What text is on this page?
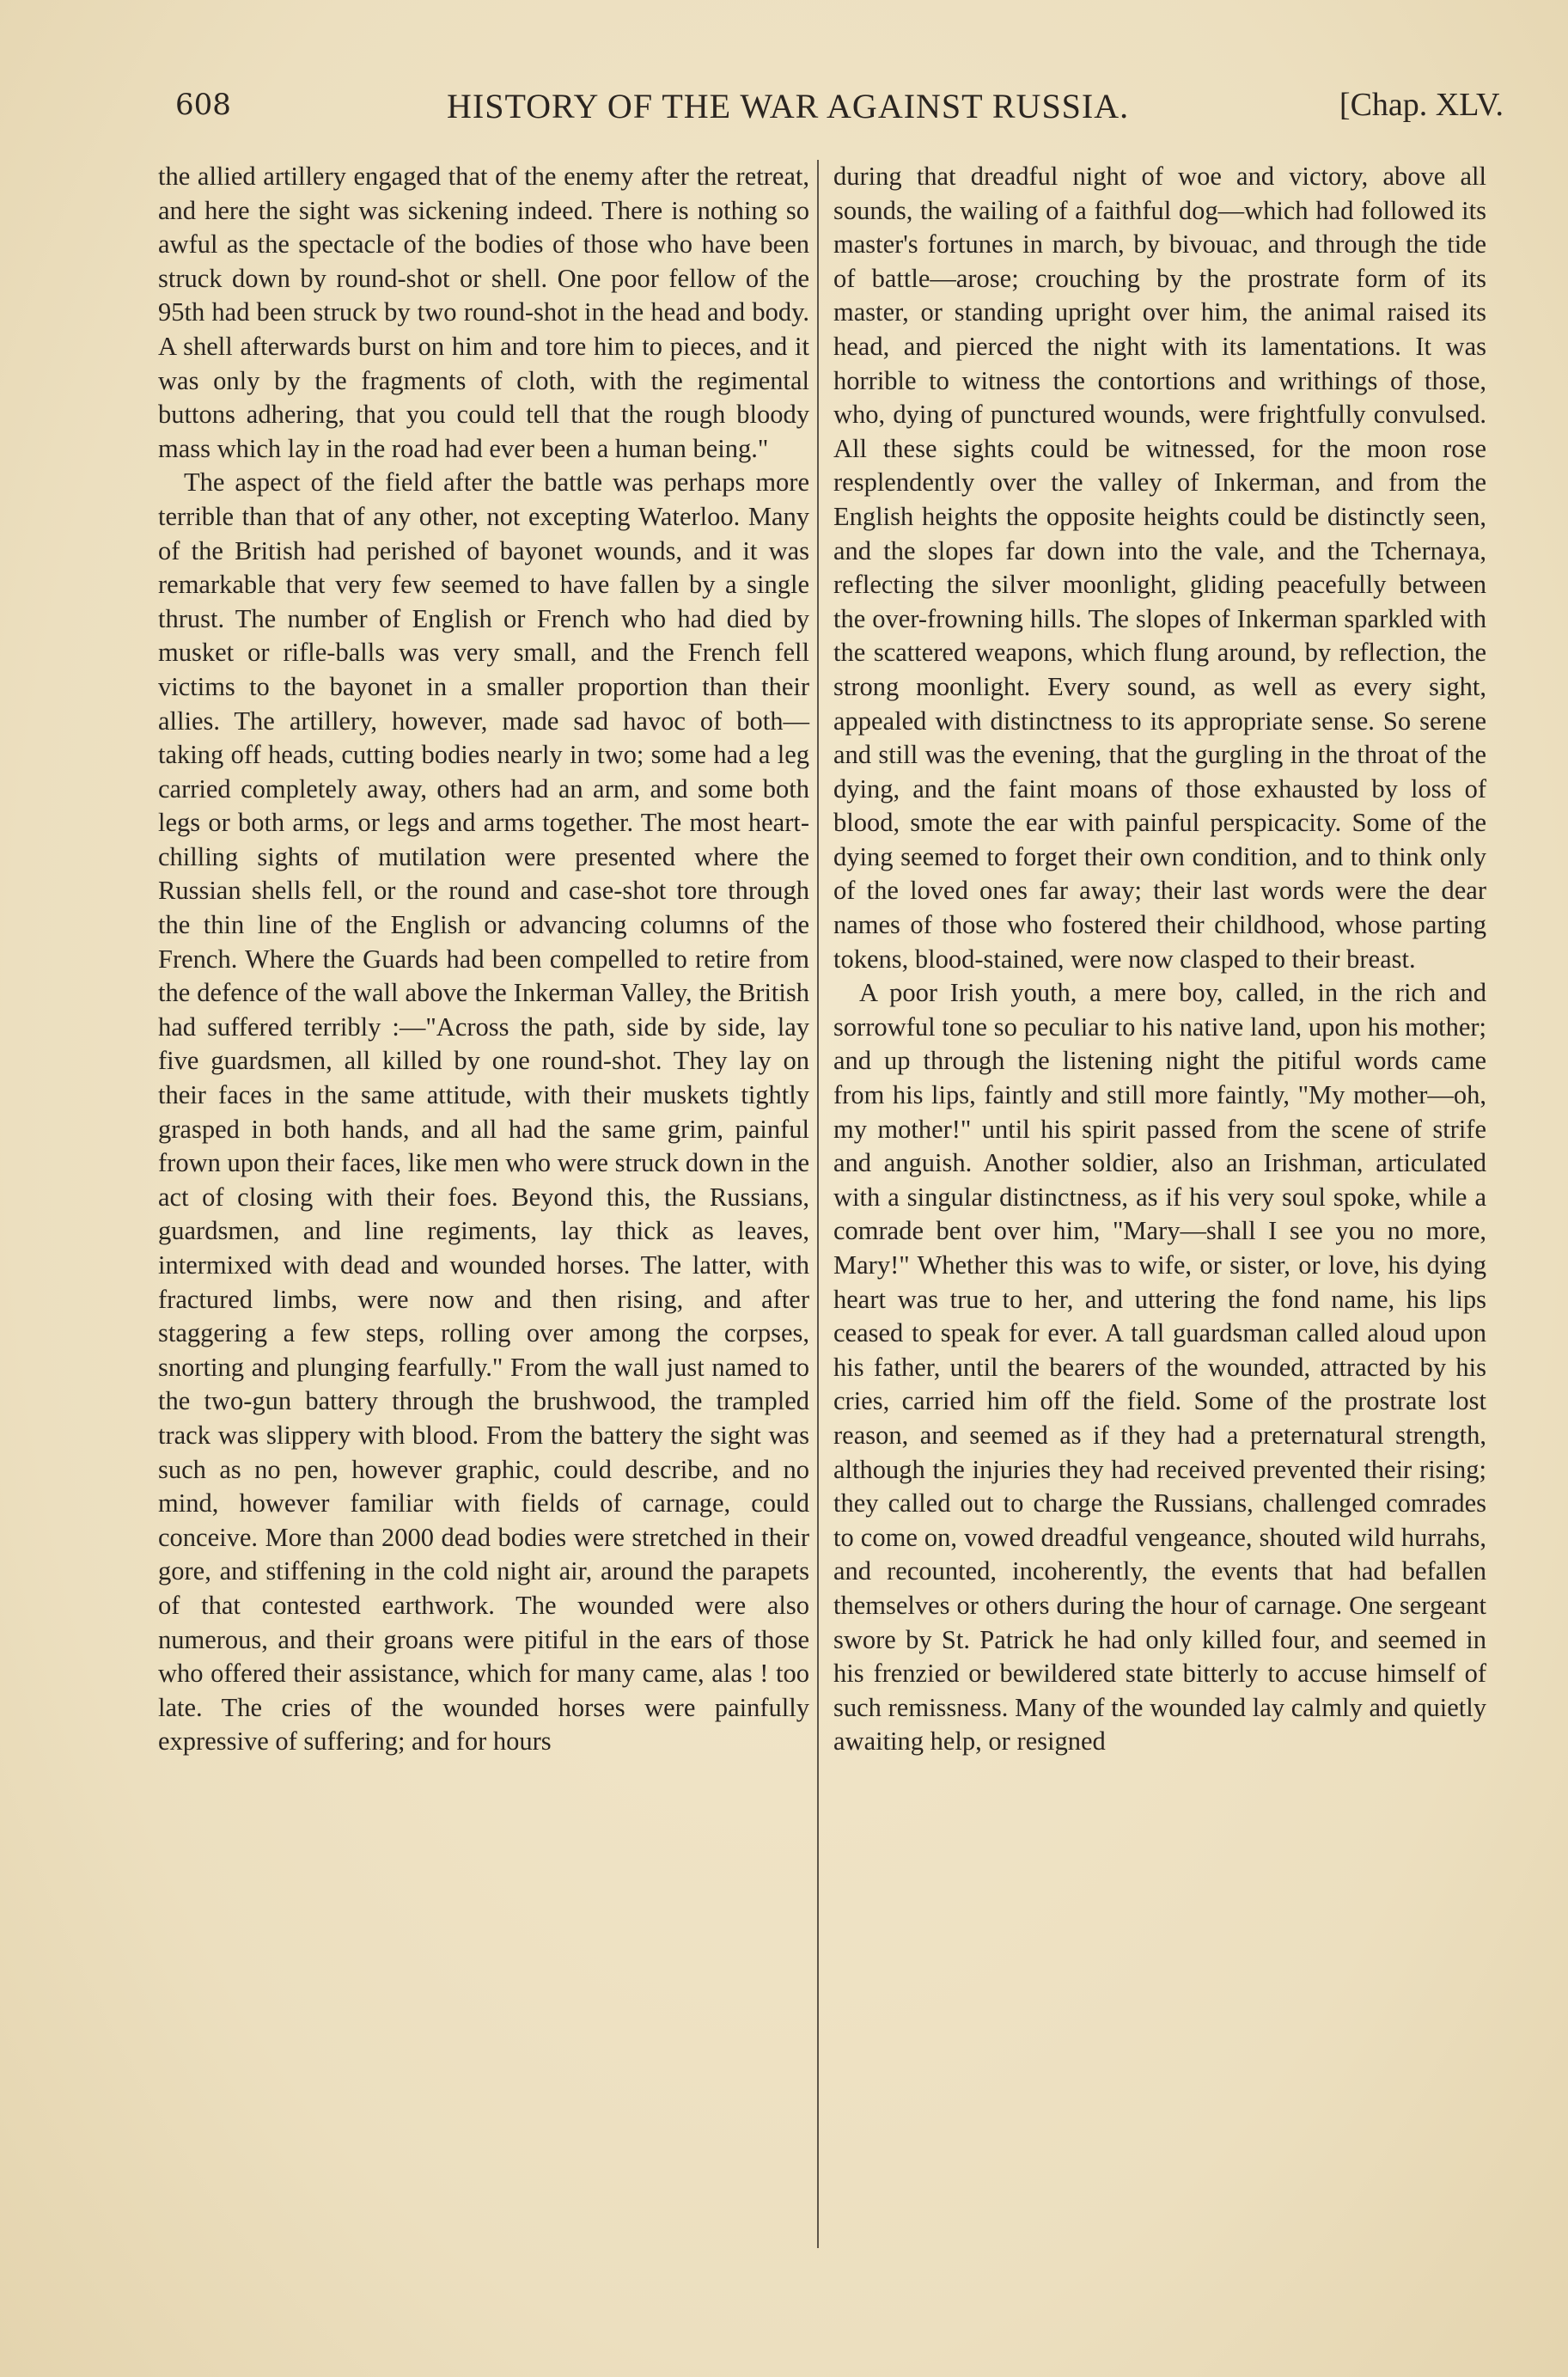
608	HISTORY OF THE WAR AGAINST RUSSIA.	[Chap. XLV.

the allied artillery engaged that of the enemy after the retreat, and here the sight was sickening indeed. There is nothing so awful as the spectacle of the bodies of those who have been struck down by round-shot or shell. One poor fellow of the 95th had been struck by two round-shot in the head and body. A shell afterwards burst on him and tore him to pieces, and it was only by the fragments of cloth, with the regimental buttons adhering, that you could tell that the rough bloody mass which lay in the road had ever been a human being."

The aspect of the field after the battle was perhaps more terrible than that of any other, not excepting Waterloo. Many of the British had perished of bayonet wounds, and it was remarkable that very few seemed to have fallen by a single thrust. The number of English or French who had died by musket or rifle-balls was very small, and the French fell victims to the bayonet in a smaller proportion than their allies. The artillery, however, made sad havoc of both—taking off heads, cutting bodies nearly in two; some had a leg carried completely away, others had an arm, and some both legs or both arms, or legs and arms together. The most heart-chilling sights of mutilation were presented where the Russian shells fell, or the round and case-shot tore through the thin line of the English or advancing columns of the French. Where the Guards had been compelled to retire from the defence of the wall above the Inkerman Valley, the British had suffered terribly :—"Across the path, side by side, lay five guardsmen, all killed by one round-shot. They lay on their faces in the same attitude, with their muskets tightly grasped in both hands, and all had the same grim, painful frown upon their faces, like men who were struck down in the act of closing with their foes. Beyond this, the Russians, guardsmen, and line regiments, lay thick as leaves, intermixed with dead and wounded horses. The latter, with fractured limbs, were now and then rising, and after staggering a few steps, rolling over among the corpses, snorting and plunging fearfully." From the wall just named to the two-gun battery through the brushwood, the trampled track was slippery with blood. From the battery the sight was such as no pen, however graphic, could describe, and no mind, however familiar with fields of carnage, could conceive. More than 2000 dead bodies were stretched in their gore, and stiffening in the cold night air, around the parapets of that contested earthwork. The wounded were also numerous, and their groans were pitiful in the ears of those who offered their assistance, which for many came, alas ! too late. The cries of the wounded horses were painfully expressive of suffering; and for hours

during that dreadful night of woe and victory, above all sounds, the wailing of a faithful dog—which had followed its master's fortunes in march, by bivouac, and through the tide of battle—arose; crouching by the prostrate form of its master, or standing upright over him, the animal raised its head, and pierced the night with its lamentations. It was horrible to witness the contortions and writhings of those, who, dying of punctured wounds, were frightfully convulsed. All these sights could be witnessed, for the moon rose resplendently over the valley of Inkerman, and from the English heights the opposite heights could be distinctly seen, and the slopes far down into the vale, and the Tchernaya, reflecting the silver moonlight, gliding peacefully between the over-frowning hills. The slopes of Inkerman sparkled with the scattered weapons, which flung around, by reflection, the strong moonlight. Every sound, as well as every sight, appealed with distinctness to its appropriate sense. So serene and still was the evening, that the gurgling in the throat of the dying, and the faint moans of those exhausted by loss of blood, smote the ear with painful perspicacity. Some of the dying seemed to forget their own condition, and to think only of the loved ones far away; their last words were the dear names of those who fostered their childhood, whose parting tokens, blood-stained, were now clasped to their breast.

A poor Irish youth, a mere boy, called, in the rich and sorrowful tone so peculiar to his native land, upon his mother; and up through the listening night the pitiful words came from his lips, faintly and still more faintly, "My mother—oh, my mother!" until his spirit passed from the scene of strife and anguish. Another soldier, also an Irishman, articulated with a singular distinctness, as if his very soul spoke, while a comrade bent over him, "Mary—shall I see you no more, Mary!" Whether this was to wife, or sister, or love, his dying heart was true to her, and uttering the fond name, his lips ceased to speak for ever. A tall guardsman called aloud upon his father, until the bearers of the wounded, attracted by his cries, carried him off the field. Some of the prostrate lost reason, and seemed as if they had a preternatural strength, although the injuries they had received prevented their rising; they called out to charge the Russians, challenged comrades to come on, vowed dreadful vengeance, shouted wild hurrahs, and recounted, incoherently, the events that had befallen themselves or others during the hour of carnage. One sergeant swore by St. Patrick he had only killed four, and seemed in his frenzied or bewildered state bitterly to accuse himself of such remissness. Many of the wounded lay calmly and quietly awaiting help, or resigned
